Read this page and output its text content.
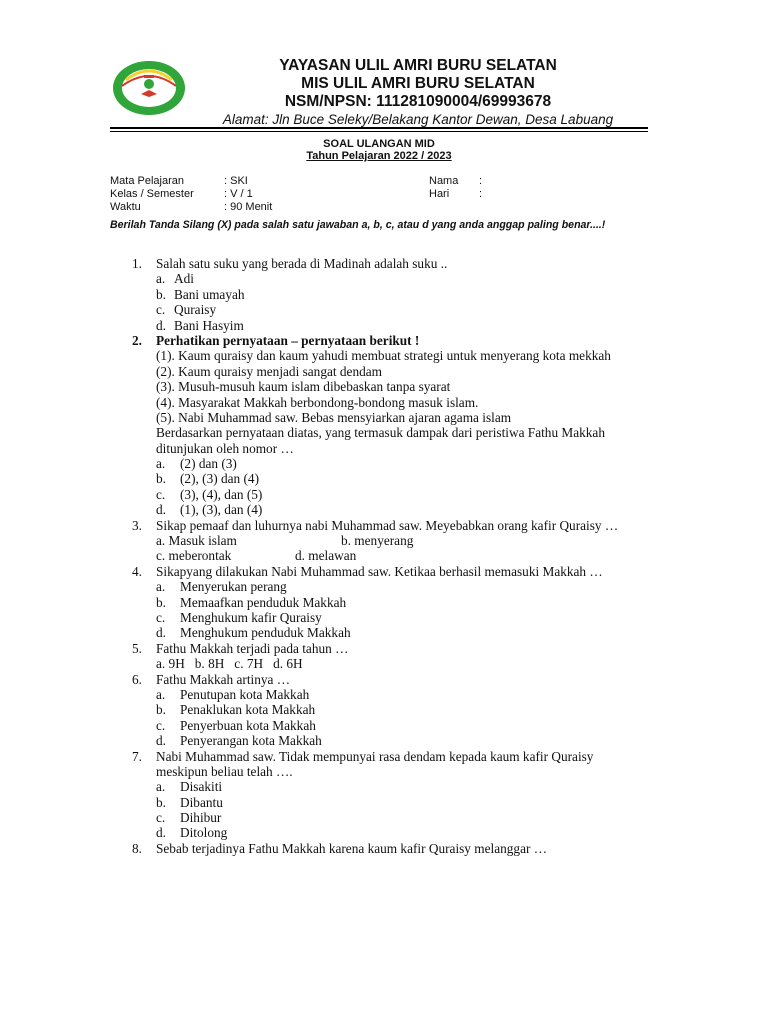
YAYASAN ULIL AMRI BURU SELATAN
MIS ULIL AMRI BURU SELATAN
NSM/NPSN: 111281090004/69993678
Alamat: Jln Buce Seleky/Belakang Kantor Dewan, Desa Labuang
SOAL ULANGAN MID
Tahun Pelajaran 2022 / 2023
Mata Pelajaran	: SKI
Kelas / Semester	: V / 1
Waktu	: 90 Menit
Nama :
Hari	:
Berilah Tanda Silang (X) pada salah satu jawaban a, b, c, atau d yang anda anggap paling benar....!
1. Salah satu suku yang berada di Madinah adalah suku ..
a. Adi
b. Bani umayah
c. Quraisy
d. Bani Hasyim
2. Perhatikan pernyataan – pernyataan berikut !
(1). Kaum quraisy dan kaum yahudi membuat strategi untuk menyerang kota mekkah
(2). Kaum quraisy menjadi sangat dendam
(3). Musuh-musuh kaum islam dibebaskan tanpa syarat
(4). Masyarakat Makkah berbondong-bondong masuk islam.
(5). Nabi Muhammad saw. Bebas mensyiarkan ajaran agama islam
Berdasarkan pernyataan diatas, yang termasuk dampak dari peristiwa Fathu Makkah
ditunjukan oleh nomor …
a. (2) dan (3)
b. (2), (3) dan (4)
c. (3), (4), dan (5)
d. (1), (3), dan (4)
3. Sikap pemaaf dan luhurnya nabi Muhammad saw. Meyebabkan orang kafir Quraisy …
a. Masuk islam	b. menyerang
c. meberontak	d. melawan
4. Sikapyang dilakukan Nabi Muhammad saw. Ketikaa berhasil memasuki Makkah …
a. Menyerukan perang
b. Memaafkan penduduk Makkah
c. Menghukum kafir Quraisy
d. Menghukum penduduk Makkah
5. Fathu Makkah terjadi pada tahun …
a. 9H   b. 8H   c. 7H   d. 6H
6. Fathu Makkah artinya …
a. Penutupan kota Makkah
b. Penaklukan kota Makkah
c. Penyerbuan kota Makkah
d. Penyerangan kota Makkah
7. Nabi Muhammad saw. Tidak mempunyai rasa dendam kepada kaum kafir Quraisy
meskipun beliau telah ….
a. Disakiti
b. Dibantu
c. Dihibur
d. Ditolong
8. Sebab terjadinya Fathu Makkah karena kaum kafir Quraisy melanggar …
